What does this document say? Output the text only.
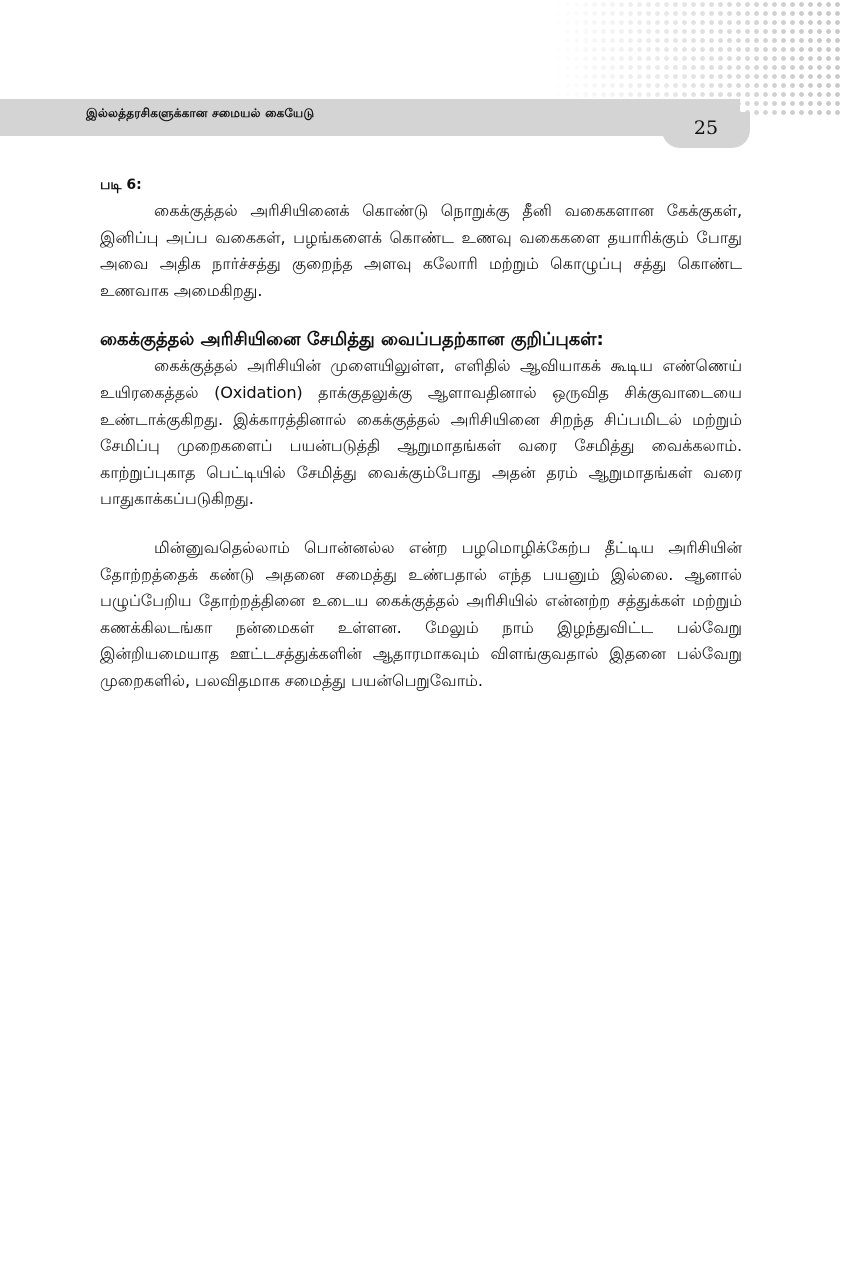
இல்லத்தரசிகளுக்கான சமையல் கையேடு
25

படி 6:

கைக்குத்தல் அரிசியினைக் கொண்டு நொறுக்கு தீனி வகைகளான கேக்குகள், இனிப்பு அப்ப வகைகள், பழங்களைக் கொண்ட உணவு வகைகளை தயாரிக்கும் போது அவை அதிக நார்ச்சத்து குறைந்த அளவு கலோரி மற்றும் கொழுப்பு சத்து கொண்ட உணவாக அமைகிறது.

கைக்குத்தல் அரிசியினை சேமித்து வைப்பதற்கான குறிப்புகள்:

கைக்குத்தல் அரிசியின் முளையிலுள்ள, எளிதில் ஆவியாகக் கூடிய எண்ணெய் உயிரகைத்தல் (Oxidation) தாக்குதலுக்கு ஆளாவதினால் ஒருவித சிக்குவாடையை உண்டாக்குகிறது. இக்காரத்தினால் கைக்குத்தல் அரிசியினை சிறந்த சிப்பமிடல் மற்றும் சேமிப்பு முறைகளைப் பயன்படுத்தி ஆறுமாதங்கள் வரை சேமித்து வைக்கலாம். காற்றுப்புகாத பெட்டியில் சேமித்து வைக்கும்போது அதன் தரம் ஆறுமாதங்கள் வரை பாதுகாக்கப்படுகிறது.

மின்னுவதெல்லாம் பொன்னல்ல என்ற பழமொழிக்கேற்ப தீட்டிய அரிசியின் தோற்றத்தைக் கண்டு அதனை சமைத்து உண்பதால் எந்த பயனும் இல்லை. ஆனால் பழுப்பேறிய தோற்றத்தினை உடைய கைக்குத்தல் அரிசியில் என்னற்ற சத்துக்கள் மற்றும் கணக்கிலடங்கா நன்மைகள் உள்ளன. மேலும் நாம் இழந்துவிட்ட பல்வேறு இன்றியமையாத ஊட்டசத்துக்களின் ஆதாரமாகவும் விளங்குவதால் இதனை பல்வேறு முறைகளில், பலவிதமாக சமைத்து பயன்பெறுவோம்.
